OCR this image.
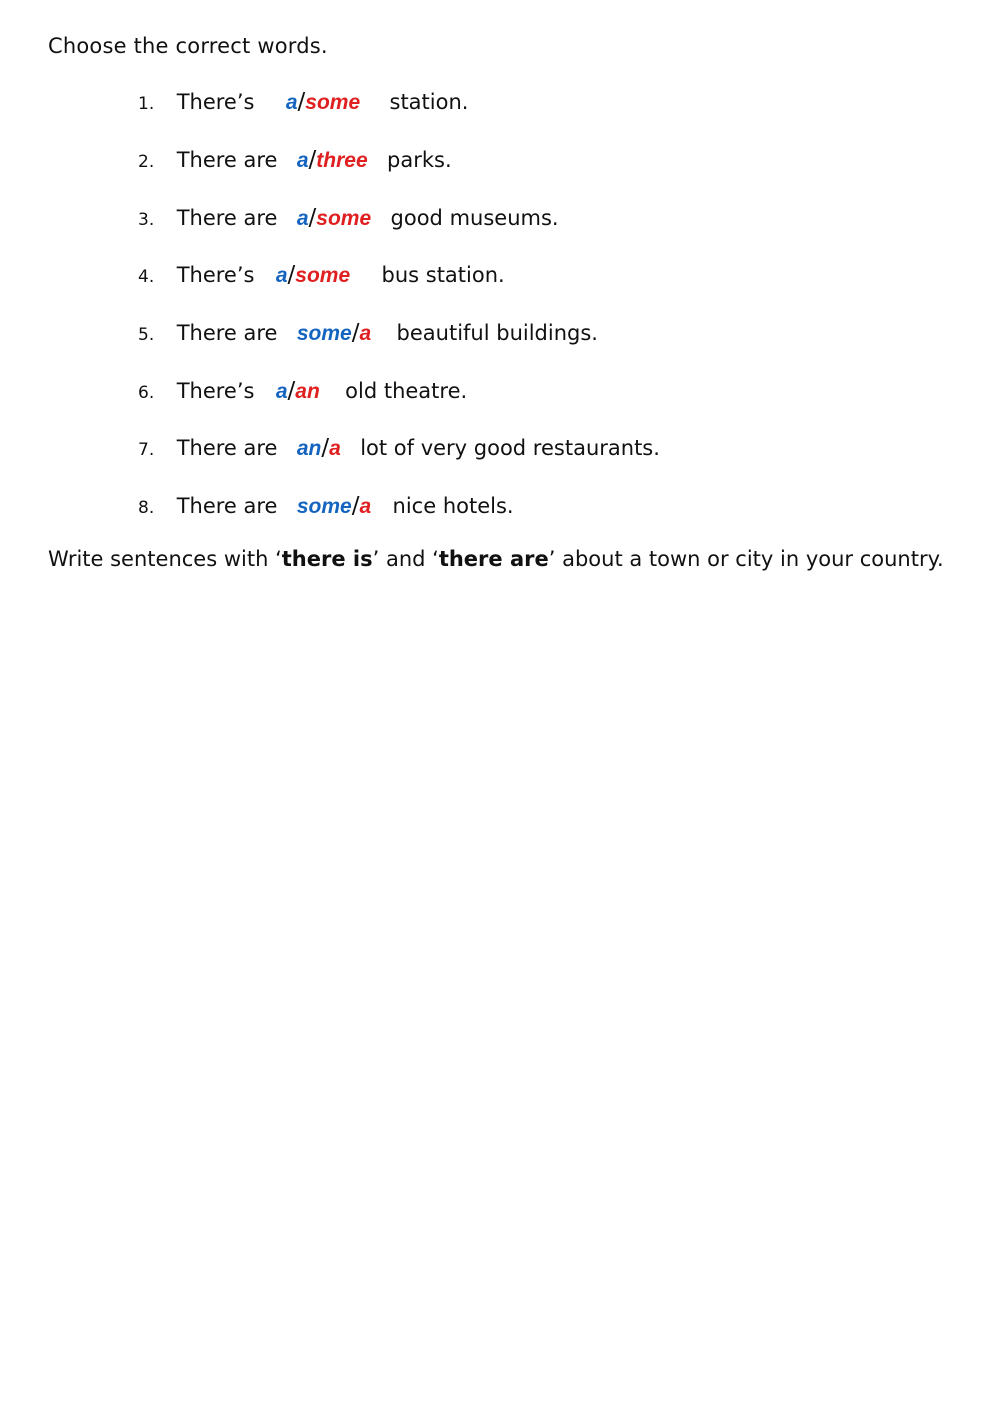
Choose the correct words.
1. There’s a/some station.
2. There are a/three parks.
3. There are a/some good museums.
4. There’s a/some bus station.
5. There are some/a beautiful buildings.
6. There’s a/an old theatre.
7. There are an/a lot of very good restaurants.
8. There are some/a nice hotels.
Write sentences with ‘there is’ and ‘there are’ about a town or city in your country.
